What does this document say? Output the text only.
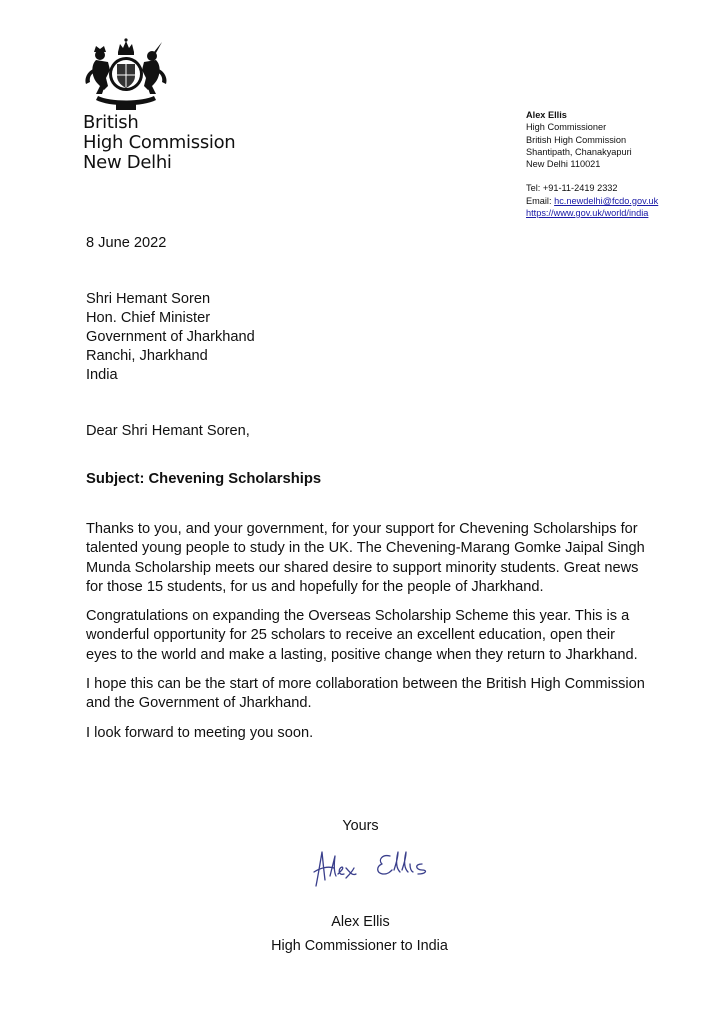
British
High Commission
New Delhi
Alex Ellis
High Commissioner
British High Commission
Shantipath, Chanakyapuri
New Delhi 110021
Tel: +91-11-2419 2332
Email: hc.newdelhi@fcdo.gov.uk
https://www.gov.uk/world/india
8 June 2022
Shri Hemant Soren
Hon. Chief Minister
Government of Jharkhand
Ranchi, Jharkhand
India
Dear Shri Hemant Soren,
Subject: Chevening Scholarships

Thanks to you, and your government, for your support for Chevening Scholarships for talented young people to study in the UK. The Chevening-Marang Gomke Jaipal Singh Munda Scholarship meets our shared desire to support minority students. Great news for those 15 students, for us and hopefully for the people of Jharkhand.

Congratulations on expanding the Overseas Scholarship Scheme this year. This is a wonderful opportunity for 25 scholars to receive an excellent education, open their eyes to the world and make a lasting, positive change when they return to Jharkhand.

I hope this can be the start of more collaboration between the British High Commission and the Government of Jharkhand.

I look forward to meeting you soon.

Yours
Alex Ellis
High Commissioner to India
